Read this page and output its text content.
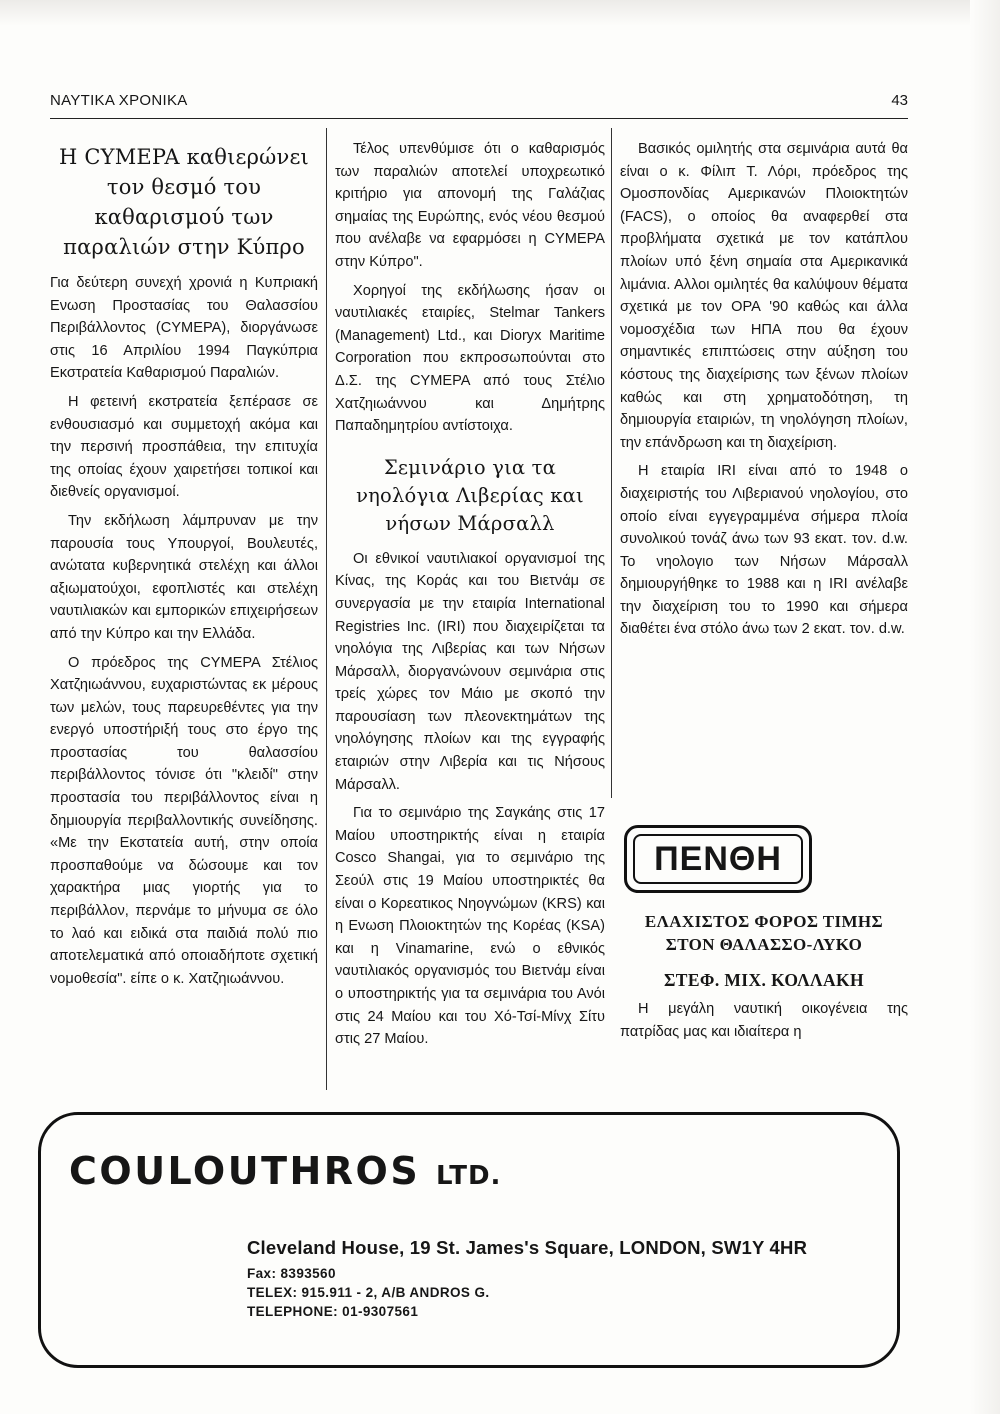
ΝΑΥΤΙΚΑ ΧΡΟΝΙΚΑ	43
Η CYMEPA καθιερώνει τον θεσμό του καθαρισμού των παραλιών στην Κύπρο

Για δεύτερη συνεχή χρονιά η Κυπριακή Ενωση Προστασίας του Θαλασσίου Περιβάλλοντος (CYMEPA), διοργάνωσε στις 16 Απριλίου 1994 Παγκύπρια Εκστρατεία Καθαρισμού Παραλιών.

Η φετεινή εκστρατεία ξεπέρασε σε ενθουσιασμό και συμμετοχή ακόμα και την περσινή προσπάθεια, την επιτυχία της οποίας έχουν χαιρετήσει τοπικοί και διεθνείς οργανισμοί.

Την εκδήλωση λάμπρυναν με την παρουσία τους Υπουργοί, Βουλευτές, ανώτατα κυβερνητικά στελέχη και άλλοι αξιωματούχοι, εφοπλιστές και στελέχη ναυτιλιακών και εμπορικών επιχειρήσεων από την Κύπρο και την Ελλάδα.

Ο πρόεδρος της CYMEPA Στέλιος Χατζηιωάννου, ευχαριστώντας εκ μέρους των μελών, τους παρευρεθέντες για την ενεργό υποστήριξή τους στο έργο της προστασίας του θαλασσίου περιβάλλοντος τόνισε ότι "κλειδί" στην προστασία του περιβάλλοντος είναι η δημιουργία περιβαλλοντικής συνείδησης. «Με την Εκστατεία αυτή, στην οποία προσπαθούμε να δώσουμε και τον χαρακτήρα μιας γιορτής για το περιβάλλον, περνάμε το μήνυμα σε όλο το λαό και ειδικά στα παιδιά πολύ πιο αποτελεματικά από οποιαδήποτε σχετική νομοθεσία". είπε ο κ. Χατζηιωάννου.

Τέλος υπενθύμισε ότι ο καθαρισμός των παραλιών αποτελεί υποχρεωτικό κριτήριο για απονομή της Γαλάζιας σημαίας της Ευρώπης, ενός νέου θεσμού που ανέλαβε να εφαρμόσει η CYMEPA στην Κύπρο".

Χορηγοί της εκδήλωσης ήσαν οι ναυτιλιακές εταιρίες, Stelmar Tankers (Management) Ltd., και Dioryx Maritime Corporation που εκπροσωπούνται στο Δ.Σ. της CYMEPA από τους Στέλιο Χατζηιωάννου και Δημήτρης Παπαδημητρίου αντίστοιχα.

Σεμινάριο για τα νηολόγια Λιβερίας και νήσων Μάρσαλλ

Οι εθνικοί ναυτιλιακοί οργανισμοί της Κίνας, της Κοράς και του Βιετνάμ σε συνεργασία με την εταιρία International Registries Inc. (IRI) που διαχειρίζεται τα νηολόγια της Λιβερίας και των Νήσων Μάρσαλλ, διοργανώνουν σεμινάρια στις τρείς χώρες τον Μάιο με σκοπό την παρουσίαση των πλεονεκτημάτων της νηολόγησης πλοίων και της εγγραφής εταιριών στην Λιβερία και τις Νήσους Μάρσαλλ.

Για το σεμινάριο της Σαγκάης στις 17 Μαίου υποστηρικτής είναι η εταιρία Cosco Shangai, για το σεμινάριο της Σεούλ στις 19 Μαίου υποστηρικτές θα είναι ο Κορεατικος Νηογνώμων (KRS) και η Ενωση Πλοιοκτητών της Κορέας (KSA) και η Vinamarine, ενώ ο εθνικός ναυτιλιακός οργανισμός του Βιετνάμ είναι ο υποστηρικτής για τα σεμινάρια του Ανόι στις 24 Μαίου και του Χό-Τσί-Μίνχ Σίτυ στις 27 Μαίου.

Βασικός ομιλητής στα σεμινάρια αυτά θα είναι ο κ. Φίλιπ Τ. Λόρι, πρόεδρος της Ομοσπονδίας Αμερικανών Πλοιοκτητών (FACS), ο οποίος θα αναφερθεί στα προβλήματα σχετικά με τον κατάπλου πλοίων υπό ξένη σημαία στα Αμερικανικά λιμάνια. Αλλοι ομιλητές θα καλύψουν θέματα σχετικά με τον ΟΡΑ '90 καθώς και άλλα νομοσχέδια των ΗΠΑ που θα έχουν σημαντικές επιπτώσεις στην αύξηση του κόστους της διαχείρισης των ξένων πλοίων καθώς και στη χρηματοδότηση, τη δημιουργία εταιριών, τη νηολόγηση πλοίων, την επάνδρωση και τη διαχείριση.

Η εταιρία IRI είναι από το 1948 ο διαχειριστής του Λιβεριανού νηολογίου, στο οποίο είναι εγγεγραμμένα σήμερα πλοία συνολικού τονάζ άνω των 93 εκατ. τον. d.w. Το νηολογιο των Νήσων Μάρσαλλ δημιουργήθηκε το 1988 και η IRI ανέλαβε την διαχείριση του το 1990 και σήμερα διαθέτει ένα στόλο άνω των 2 εκατ. τον. d.w.

ΠΕΝΘΗ
ΕΛΑΧΙΣΤΟΣ ΦΟΡΟΣ ΤΙΜΗΣ ΣΤΟΝ ΘΑΛΑΣΣΟ-ΛΥΚΟ
ΣΤΕΦ. ΜΙΧ. ΚΟΛΛΑΚΗ
Η μεγάλη ναυτική οικογένεια της πατρίδας μας και ιδιαίτερα η
COULOUTHROS LTD.
Cleveland House, 19 St. James's Square, LONDON, SW1Y 4HR
Fax: 8393560
TELEX: 915.911 - 2, A/B ANDROS G.
TELEPHONE: 01-9307561
